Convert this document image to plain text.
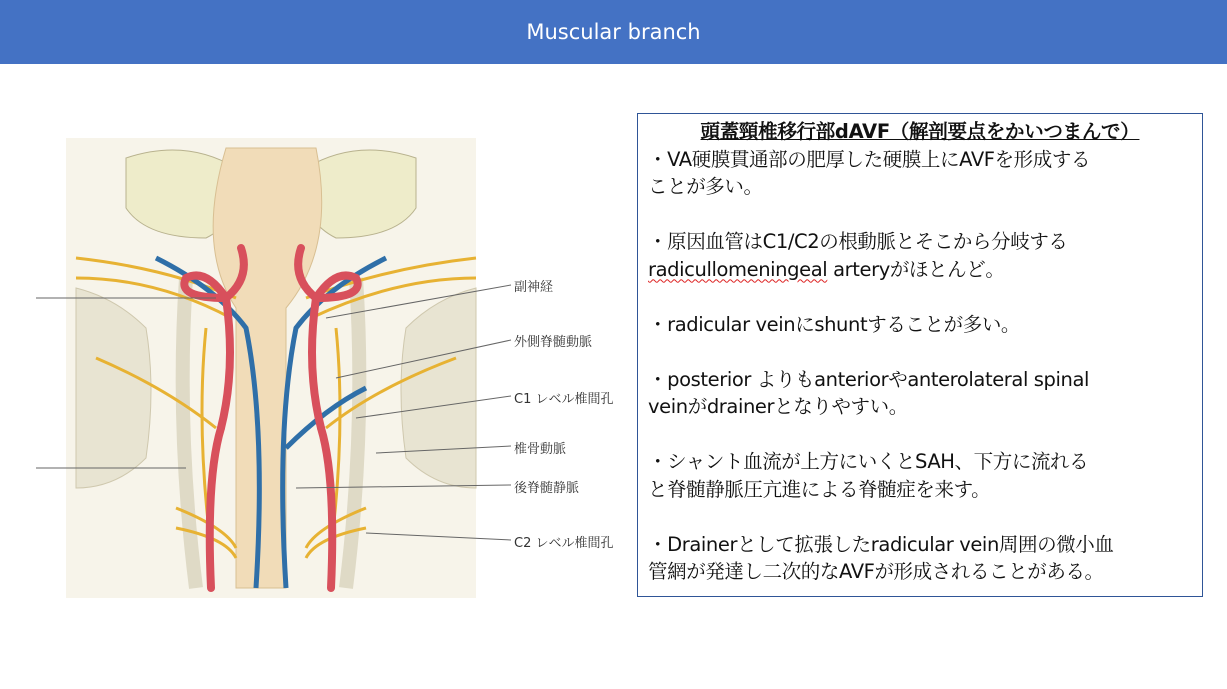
Muscular branch
副神経
外側脊髄動脈
C1 レベル椎間孔
椎骨動脈
後脊髄静脈
C2 レベル椎間孔
頭蓋頸椎移行部dAVF（解剖要点をかいつまんで）
・VA硬膜貫通部の肥厚した硬膜上にAVFを形成する
ことが多い。
・原因血管はC1/C2の根動脈とそこから分岐する
radicullomeningeal arteryがほとんど。
・radicular veinにshuntすることが多い。
・posterior よりもanteriorやanterolateral spinal
veinがdrainerとなりやすい。
・シャント血流が上方にいくとSAH、下方に流れる
と脊髄静脈圧亢進による脊髄症を来す。
・Drainerとして拡張したradicular vein周囲の微小血
管網が発達し二次的なAVFが形成されることがある。
